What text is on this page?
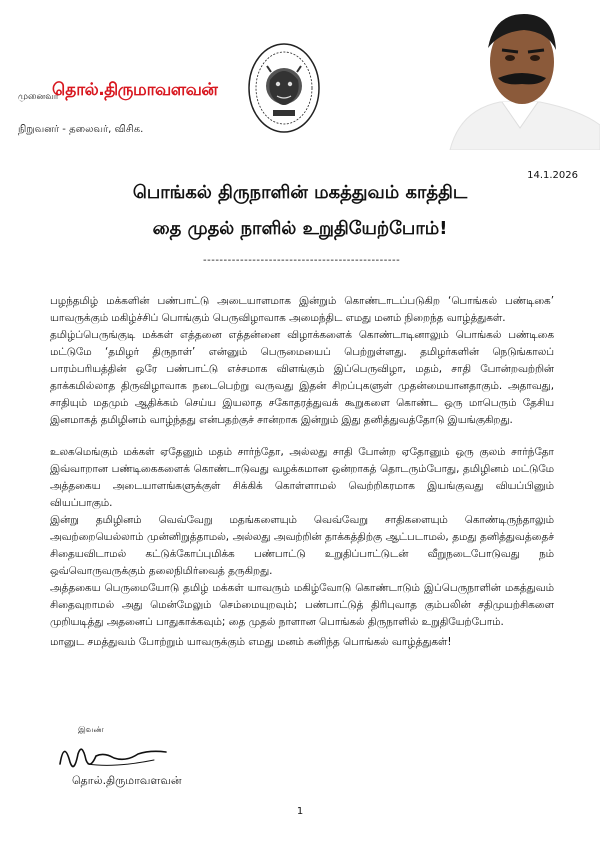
முனைவர்
தொல்.திருமாவளவன்
நிறுவனர் - தலைவர், விசிக.
14.1.2026
பொங்கல் திருநாளின் மகத்துவம் காத்திட
தை முதல் நாளில் உறுதியேற்போம்!
------------------------------------------------

பழந்தமிழ் மக்களின் பண்பாட்டு அடையாளமாக இன்றும் கொண்டாடப்படுகிற ‘பொங்கல் பண்டிகை’ யாவருக்கும் மகிழ்ச்சிப் பொங்கும் பெருவிழாவாக அமைந்திட எமது மனம் நிறைந்த வாழ்த்துகள்.

தமிழ்ப்பெருங்குடி மக்கள் எத்தனை எத்தன்னை விழாக்களைக் கொண்டாடினாலும் பொங்கல் பண்டிகை மட்டுமே ‘தமிழர் திருநாள்’ என்னும் பெருமையைப் பெற்றுள்ளது. தமிழர்களின் நெடுங்காலப் பாரம்பரியத்தின் ஒரே பண்பாட்டு எச்சமாக விளங்கும் இப்பெருவிழா, மதம், சாதி போன்றவற்றின் தாக்கமில்லாத திருவிழாவாக நடைபெற்று வருவது இதன் சிறப்புகளுள் முதன்மையானதாகும். அதாவது, சாதியும் மதமும் ஆதிக்கம் செய்ய இயலாத சகோதரத்துவக் கூறுகளை கொண்ட ஒரு மாபெரும் தேசிய இனமாகத் தமிழினம் வாழ்ந்தது என்பதற்குச் சான்றாக இன்றும் இது தனித்துவத்தோடு இயங்குகிறது.

உலகமெங்கும் மக்கள் ஏதேனும் மதம் சார்ந்தோ, அல்லது சாதி போன்ற ஏதோனும் ஒரு குலம் சார்ந்தோ இவ்வாறான பண்டிகைகளைக் கொண்டாடுவது வழக்கமான ஒன்றாகத் தொடரும்போது, தமிழினம் மட்டுமே அத்தகைய அடையாளங்களுக்குள் சிக்கிக் கொள்ளாமல் வெற்றிகரமாக இயங்குவது வியப்பினும் வியப்பாகும்.

இன்று தமிழினம் வெவ்வேறு மதங்களையும் வெவ்வேறு சாதிகளையும் கொண்டிருந்தாலும் அவற்றையெல்லாம் முன்னிறுத்தாமல், அல்லது அவற்றின் தாக்கத்திற்கு ஆட்படாமல், தமது தனித்துவத்தைச் சிதையவிடாமல் கட்டுக்கோப்புமிக்க பண்பாட்டு உறுதிப்பாட்டுடன் வீறுநடைபோடுவது நம் ஒவ்வொருவருக்கும் தலைநிமிர்வைத் தருகிறது.

அத்தகைய பெருமையோடு தமிழ் மக்கள் யாவரும் மகிழ்வோடு கொண்டாடும் இப்பெருநாளின் மகத்துவம் சிதைவுறாமல் அது மென்மேலும் செம்மையுறவும்; பண்பாட்டுத் திரிபுவாத கும்பலின் சதிமுயற்சிகளை முறியடித்து அதனைப் பாதுகாக்கவும்; தை முதல் நாளான பொங்கல் திருநாளில் உறுதியேற்போம்.

மானுட சமத்துவம் போற்றும் யாவருக்கும் எமது மனம் கனிந்த பொங்கல் வாழ்த்துகள்!

இவண்
தொல்.திருமாவளவன்
1
